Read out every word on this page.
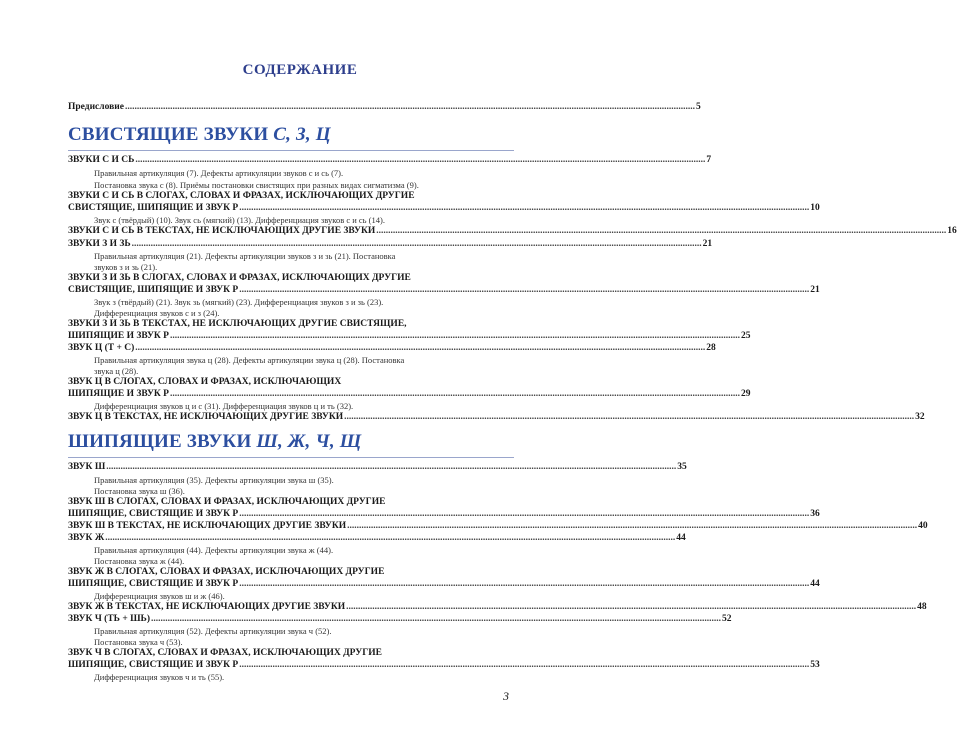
СОДЕРЖАНИЕ
Предисловие .....	5
СВИСТЯЩИЕ ЗВУКИ С, З, Ц
ЗВУКИ С И СЬ .....	7
Правильная артикуляция (7). Дефекты артикуляции звуков с и сь (7).
Постановка звука с (8). Приёмы постановки свистящих при разных видах сигматизма (9).
ЗВУКИ С И СЬ В СЛОГАХ, СЛОВАХ И ФРАЗАХ, ИСКЛЮЧАЮЩИХ ДРУГИЕ
СВИСТЯЩИЕ, ШИПЯЩИЕ И ЗВУК Р .....	10
Звук с (твёрдый) (10). Звук сь (мягкий) (13). Дифференциация звуков с и сь (14).
ЗВУКИ С И СЬ В ТЕКСТАХ, НЕ ИСКЛЮЧАЮЩИХ ДРУГИЕ ЗВУКИ .....	16
ЗВУКИ З И ЗЬ .....	21
Правильная артикуляция (21). Дефекты артикуляции звуков з и зь (21). Постановка
звуков з и зь (21).
ЗВУКИ З И ЗЬ В СЛОГАХ, СЛОВАХ И ФРАЗАХ, ИСКЛЮЧАЮЩИХ ДРУГИЕ
СВИСТЯЩИЕ, ШИПЯЩИЕ И ЗВУК Р .....	21
Звук з (твёрдый) (21). Звук зь (мягкий) (23). Дифференциация звуков з и зь (23).
Дифференциация звуков с и з (24).
ЗВУКИ З И ЗЬ В ТЕКСТАХ, НЕ ИСКЛЮЧАЮЩИХ ДРУГИЕ СВИСТЯЩИЕ,
ШИПЯЩИЕ И ЗВУК Р .....	25
ЗВУК Ц (Т + С) .....	28
Правильная артикуляция звука ц (28). Дефекты артикуляции звука ц (28). Постановка
звука ц (28).
ЗВУК Ц В СЛОГАХ, СЛОВАХ И ФРАЗАХ, ИСКЛЮЧАЮЩИХ
ШИПЯЩИЕ И ЗВУК Р .....	29
Дифференциация звуков ц и с (31). Дифференциация звуков ц и ть (32).
ЗВУК Ц В ТЕКСТАХ, НЕ ИСКЛЮЧАЮЩИХ ДРУГИЕ ЗВУКИ .....	32
ШИПЯЩИЕ ЗВУКИ Ш, Ж, Ч, Щ
ЗВУК Ш .....	35
Правильная артикуляция (35). Дефекты артикуляции звука ш (35).
Постановка звука ш (36).
ЗВУК Ш В СЛОГАХ, СЛОВАХ И ФРАЗАХ, ИСКЛЮЧАЮЩИХ ДРУГИЕ
ШИПЯЩИЕ, СВИСТЯЩИЕ И ЗВУК Р .....	36
ЗВУК Ш В ТЕКСТАХ, НЕ ИСКЛЮЧАЮЩИХ ДРУГИЕ ЗВУКИ .....	40
ЗВУК Ж .....	44
Правильная артикуляция (44). Дефекты артикуляции звука ж (44).
Постановка звука ж (44).
ЗВУК Ж В СЛОГАХ, СЛОВАХ И ФРАЗАХ, ИСКЛЮЧАЮЩИХ ДРУГИЕ
ШИПЯЩИЕ, СВИСТЯЩИЕ И ЗВУК Р .....	44
Дифференциация звуков ш и ж (46).
ЗВУК Ж В ТЕКСТАХ, НЕ ИСКЛЮЧАЮЩИХ ДРУГИЕ ЗВУКИ .....	48
ЗВУК Ч (ТЬ + ШЬ) .....	52
Правильная артикуляция (52). Дефекты артикуляции звука ч (52).
Постановка звука ч (53).
ЗВУК Ч В СЛОГАХ, СЛОВАХ И ФРАЗАХ, ИСКЛЮЧАЮЩИХ ДРУГИЕ
ШИПЯЩИЕ, СВИСТЯЩИЕ И ЗВУК Р .....	53
Дифференциация звуков ч и ть (55).
3
